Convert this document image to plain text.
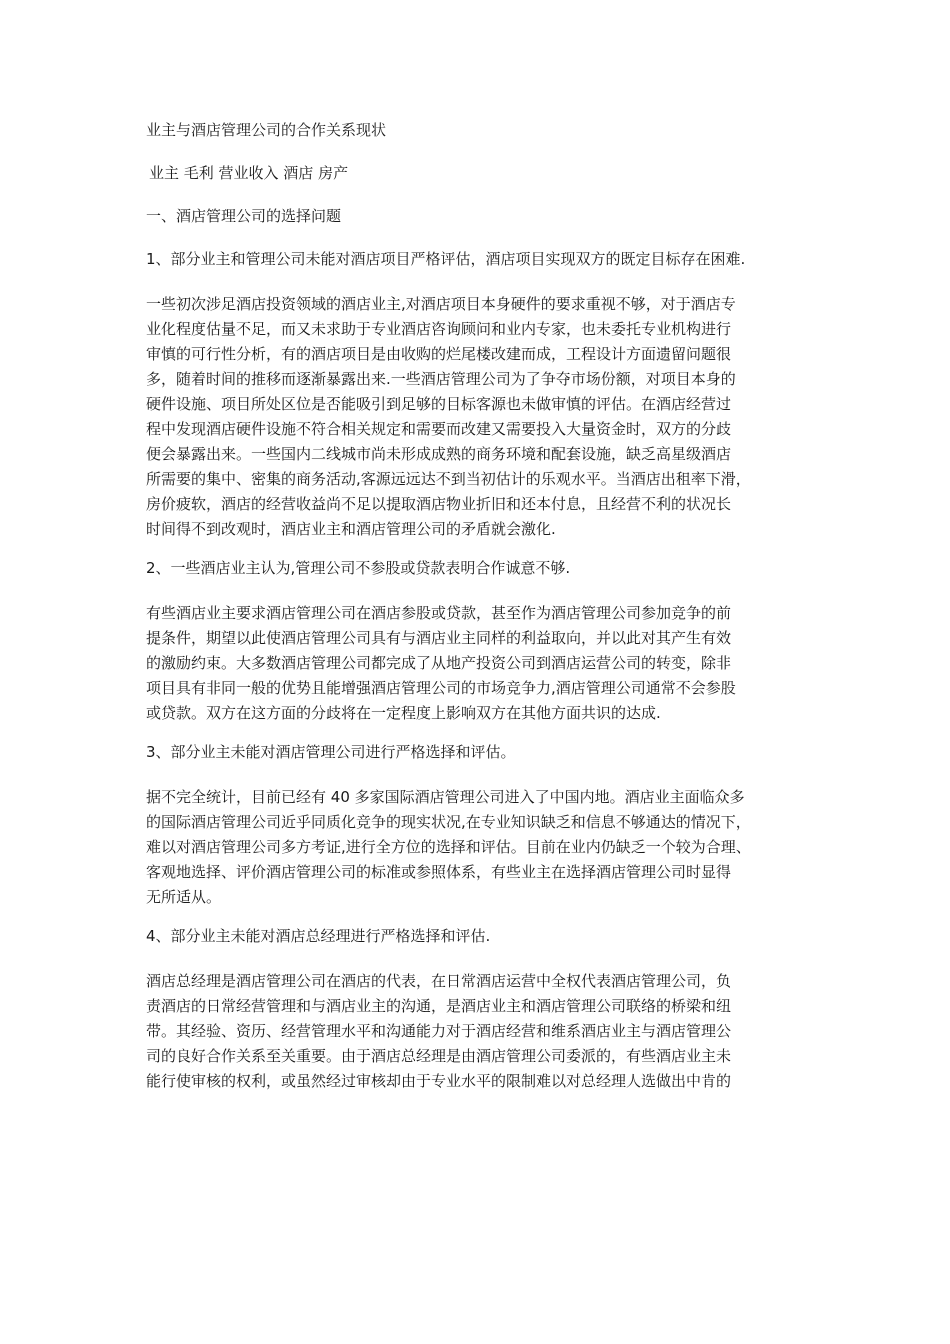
业主与酒店管理公司的合作关系现状
业主 毛利 营业收入 酒店 房产
一、酒店管理公司的选择问题
1、部分业主和管理公司未能对酒店项目严格评估，酒店项目实现双方的既定目标存在困难.
一些初次涉足酒店投资领域的酒店业主,对酒店项目本身硬件的要求重视不够，对于酒店专
业化程度估量不足，而又未求助于专业酒店咨询顾问和业内专家，也未委托专业机构进行
审慎的可行性分析，有的酒店项目是由收购的烂尾楼改建而成，工程设计方面遗留问题很
多，随着时间的推移而逐渐暴露出来.一些酒店管理公司为了争夺市场份额，对项目本身的
硬件设施、项目所处区位是否能吸引到足够的目标客源也未做审慎的评估。在酒店经营过
程中发现酒店硬件设施不符合相关规定和需要而改建又需要投入大量资金时，双方的分歧
便会暴露出来。一些国内二线城市尚未形成成熟的商务环境和配套设施，缺乏高星级酒店
所需要的集中、密集的商务活动,客源远远达不到当初估计的乐观水平。当酒店出租率下滑，
房价疲软，酒店的经营收益尚不足以提取酒店物业折旧和还本付息，且经营不利的状况长
时间得不到改观时，酒店业主和酒店管理公司的矛盾就会激化.
2、一些酒店业主认为,管理公司不参股或贷款表明合作诚意不够.
有些酒店业主要求酒店管理公司在酒店参股或贷款，甚至作为酒店管理公司参加竞争的前
提条件，期望以此使酒店管理公司具有与酒店业主同样的利益取向，并以此对其产生有效
的激励约束。大多数酒店管理公司都完成了从地产投资公司到酒店运营公司的转变，除非
项目具有非同一般的优势且能增强酒店管理公司的市场竞争力,酒店管理公司通常不会参股
或贷款。双方在这方面的分歧将在一定程度上影响双方在其他方面共识的达成.
3、部分业主未能对酒店管理公司进行严格选择和评估。
据不完全统计，目前已经有 40 多家国际酒店管理公司进入了中国内地。酒店业主面临众多
的国际酒店管理公司近乎同质化竞争的现实状况,在专业知识缺乏和信息不够通达的情况下，
难以对酒店管理公司多方考证,进行全方位的选择和评估。目前在业内仍缺乏一个较为合理、
客观地选择、评价酒店管理公司的标准或参照体系，有些业主在选择酒店管理公司时显得
无所适从。
4、部分业主未能对酒店总经理进行严格选择和评估.
酒店总经理是酒店管理公司在酒店的代表，在日常酒店运营中全权代表酒店管理公司，负
责酒店的日常经营管理和与酒店业主的沟通，是酒店业主和酒店管理公司联络的桥梁和纽
带。其经验、资历、经营管理水平和沟通能力对于酒店经营和维系酒店业主与酒店管理公
司的良好合作关系至关重要。由于酒店总经理是由酒店管理公司委派的，有些酒店业主未
能行使审核的权利，或虽然经过审核却由于专业水平的限制难以对总经理人选做出中肯的
